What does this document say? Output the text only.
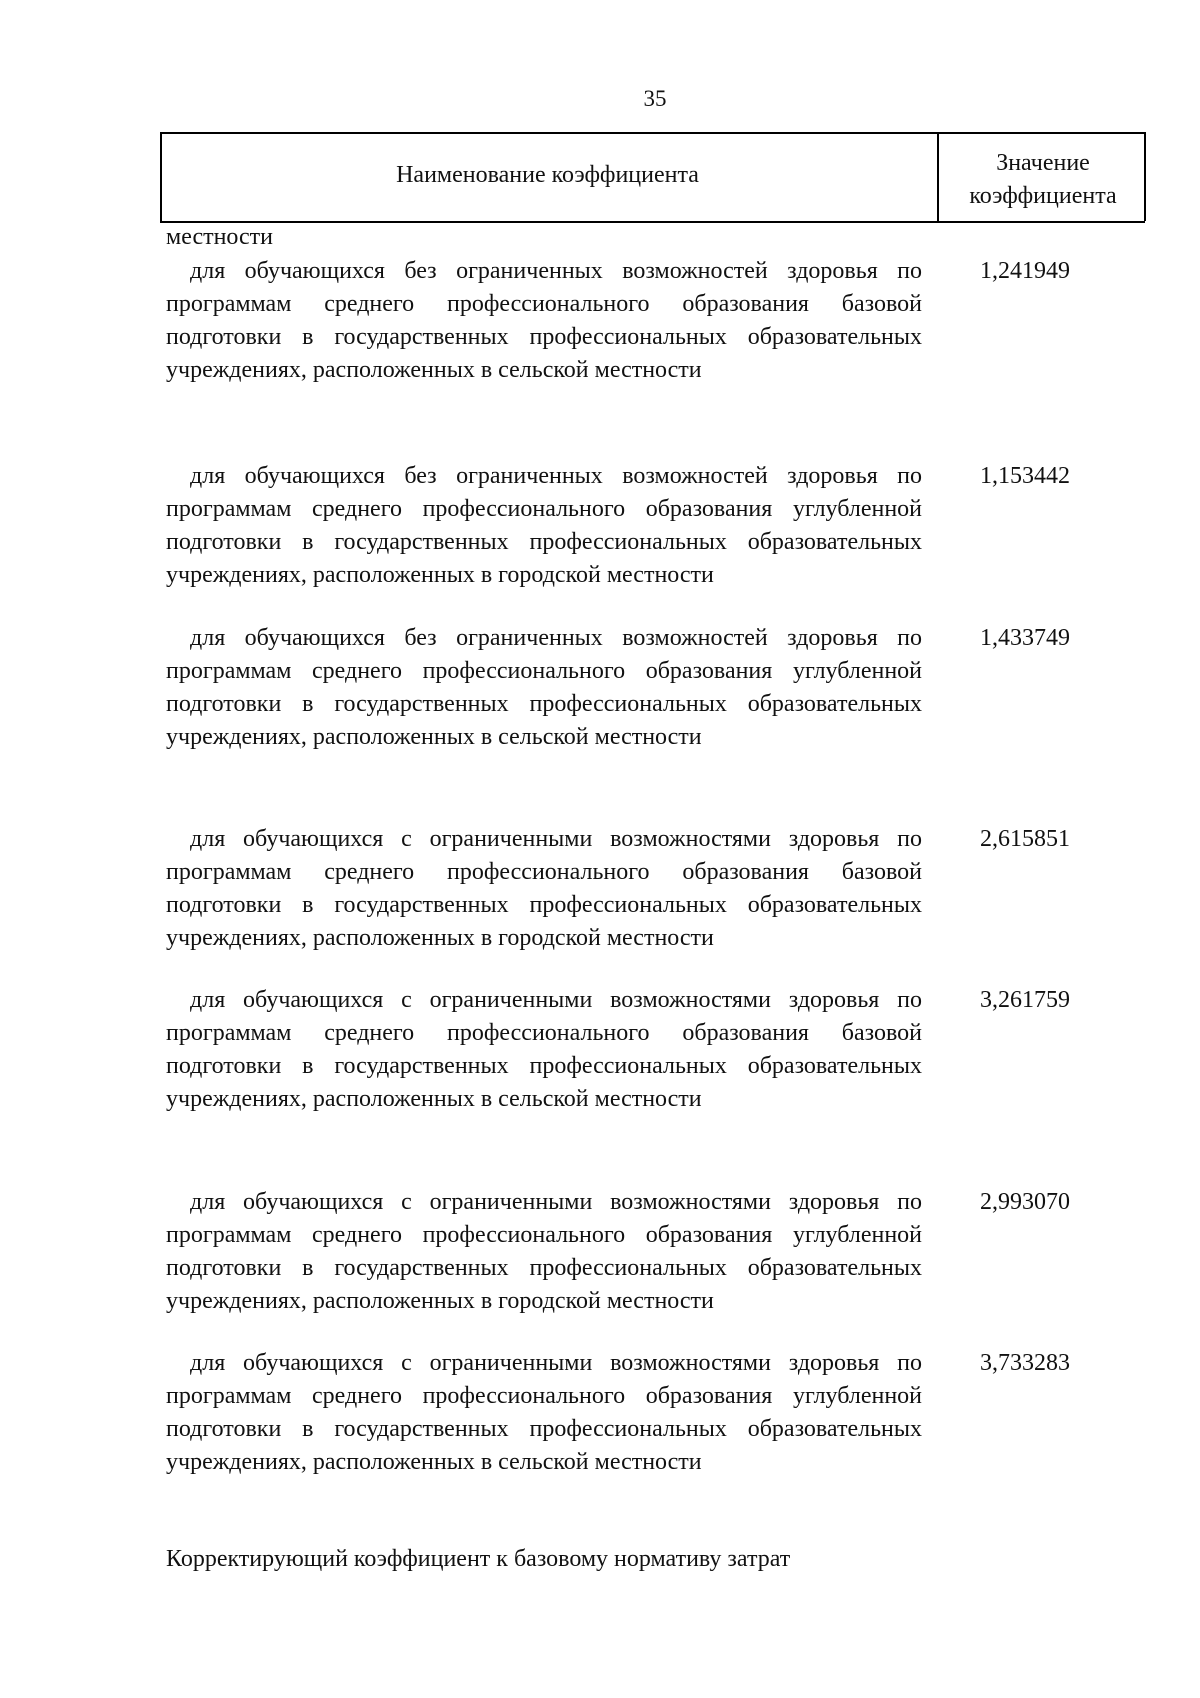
35
Наименование коэффициента	Значение коэффициента
местности
для обучающихся без ограниченных возможностей здоровья по программам среднего профессионального образования базовой подготовки в государственных профессиональных образовательных учреждениях, расположенных в сельской местности
1,241949
для обучающихся без ограниченных возможностей здоровья по программам среднего профессионального образования углубленной подготовки в государственных профессиональных образовательных учреждениях, расположенных в городской местности
1,153442
для обучающихся без ограниченных возможностей здоровья по программам среднего профессионального образования углубленной подготовки в государственных профессиональных образовательных учреждениях, расположенных в сельской местности
1,433749
для обучающихся с ограниченными возможностями здоровья по программам среднего профессионального образования базовой подготовки в государственных профессиональных образовательных учреждениях, расположенных в городской местности
2,615851
для обучающихся с ограниченными возможностями здоровья по программам среднего профессионального образования базовой подготовки в государственных профессиональных образовательных учреждениях, расположенных в сельской местности
3,261759
для обучающихся с ограниченными возможностями здоровья по программам среднего профессионального образования углубленной подготовки в государственных профессиональных образовательных учреждениях, расположенных в городской местности
2,993070
для обучающихся с ограниченными возможностями здоровья по программам среднего профессионального образования углубленной подготовки в государственных профессиональных образовательных учреждениях, расположенных в сельской местности
3,733283
Корректирующий коэффициент к базовому нормативу затрат
